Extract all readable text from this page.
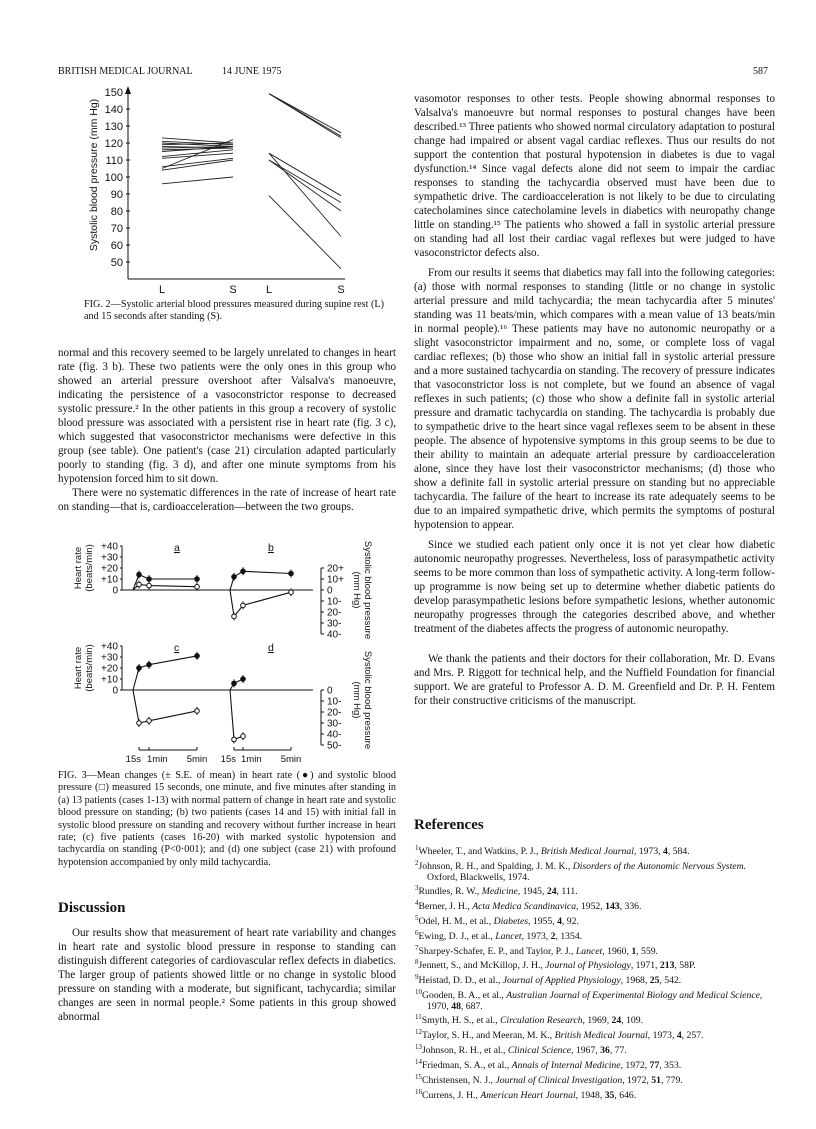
BRITISH MEDICAL JOURNAL	14 JUNE 1975	587
50
60
70
80
90
100
110
120
130
140
150
L	S	L	S
Systolic blood pressure (mm Hg)
FIG. 2—Systolic arterial blood pressures measured during supine rest (L) and 15 seconds after standing (S).

normal and this recovery seemed to be largely unrelated to changes in heart rate (fig. 3 b). These two patients were the only ones in this group who showed an arterial pressure overshoot after Valsalva's manoeuvre, indicating the persistence of a vasoconstrictor response to decreased systolic pressure.² In the other patients in this group a recovery of systolic blood pressure was associated with a persistent rise in heart rate (fig. 3 c), which suggested that vasoconstrictor mechanisms were defective in this group (see table). One patient's (case 21) circulation adapted particularly poorly to standing (fig. 3 d), and after one minute symptoms from his hypotension forced him to sit down.

There were no systematic differences in the rate of increase of heart rate on standing—that is, cardioacceleration—between the two groups.

+40
+30
+20
+10
0
20+
10+
0
10-
20-
30-
40-
a	b
+40
+30
+20
+10
0	0
10-
20-
30-
40-
50-
c	d
15s 1min 5min 15s 1min 5min
FIG. 3—Mean changes (± S.E. of mean) in heart rate (●) and systolic blood pressure (□) measured 15 seconds, one minute, and five minutes after standing in (a) 13 patients (cases 1-13) with normal pattern of change in heart rate and systolic blood pressure on standing; (b) two patients (cases 14 and 15) with initial fall in systolic blood pressure on standing and recovery without further increase in heart rate; (c) five patients (cases 16-20) with marked systolic hypotension and tachycardia on standing (P<0·001); and (d) one subject (case 21) with profound hypotension accompanied by only mild tachycardia.
Discussion

Our results show that measurement of heart rate variability and changes in heart rate and systolic blood pressure in response to standing can distinguish different categories of cardiovascular reflex defects in diabetics. The larger group of patients showed little or no change in systolic blood pressure on standing with a moderate, but significant, tachycardia; similar changes are seen in normal people.² Some patients in this group showed abnormal

vasomotor responses to other tests. People showing abnormal responses to Valsalva's manoeuvre but normal responses to postural changes have been described.¹³ Three patients who showed normal circulatory adaptation to postural change had impaired or absent vagal cardiac reflexes. Thus our results do not support the contention that postural hypotension in diabetes is due to vagal dysfunction.¹⁴ Since vagal defects alone did not seem to impair the cardiac responses to standing the tachycardia observed must have been due to sympathetic drive. The cardioacceleration is not likely to be due to circulating catecholamines since catecholamine levels in diabetics with neuropathy change little on standing.¹⁵ The patients who showed a fall in systolic arterial pressure on standing had all lost their cardiac vagal reflexes but were judged to have vasoconstrictor defects also.

From our results it seems that diabetics may fall into the following categories: (a) those with normal responses to standing (little or no change in systolic arterial pressure and mild tachycardia; the mean tachycardia after 5 minutes' standing was 11 beats/min, which compares with a mean value of 13 beats/min in normal people).¹⁶ These patients may have no autonomic neuropathy or a slight vasoconstrictor impairment and no, some, or complete loss of vagal cardiac reflexes; (b) those who show an initial fall in systolic arterial pressure and a more sustained tachycardia on standing. The recovery of pressure indicates that vasoconstrictor loss is not complete, but we found an absence of vagal reflexes in such patients; (c) those who show a definite fall in systolic arterial pressure and dramatic tachycardia on standing. The tachycardia is probably due to sympathetic drive to the heart since vagal reflexes seem to be absent in these people. The absence of hypotensive symptoms in this group seems to be due to their ability to maintain an adequate arterial pressure by cardioacceleration alone, since they have lost their vasoconstrictor mechanisms; (d) those who show a definite fall in systolic arterial pressure on standing but no appreciable tachycardia. The failure of the heart to increase its rate adequately seems to be due to an impaired sympathetic drive, which permits the symptoms of postural hypotension to appear.

Since we studied each patient only once it is not yet clear how diabetic autonomic neuropathy progresses. Nevertheless, loss of parasympathetic activity seems to be more common than loss of sympathetic activity. A long-term follow-up programme is now being set up to determine whether diabetic patients do develop parasympathetic lesions before sympathetic lesions, whether autonomic neuropathy progresses through the categories described above, and whether treatment of the diabetes affects the progress of autonomic neuropathy.

We thank the patients and their doctors for their collaboration, Mr. D. Evans and Mrs. P. Riggott for technical help, and the Nuffield Foundation for financial support. We are grateful to Professor A. D. M. Greenfield and Dr. P. H. Fentem for their constructive criticisms of the manuscript.

References
$^1$Wheeler, T., and Watkins, P. J., British Medical Journal, 1973, 4, 584.
$^2$Johnson, R. H., and Spalding, J. M. K., Disorders of the Autonomic Nervous System. Oxford, Blackwells, 1974.
$^3$Rundles, R. W., Medicine, 1945, 24, 111.
$^4$Berner, J. H., Acta Medica Scandinavica, 1952, 143, 336.
$^5$Odel, H. M., et al., Diabetes, 1955, 4, 92.
$^6$Ewing, D. J., et al., Lancet, 1973, 2, 1354.
$^7$Sharpey-Schafer, E. P., and Taylor, P. J., Lancet, 1960, 1, 559.
$^8$Jennett, S., and McKillop, J. H., Journal of Physiology, 1971, 213, 58P.
$^9$Heistad, D. D., et al., Journal of Applied Physiology, 1968, 25, 542.
$^{10}$Gooden, B. A., et al., Australian Journal of Experimental Biology and Medical Science, 1970, 48, 687.
$^{11}$Smyth, H. S., et al., Circulation Research, 1969, 24, 109.
$^{12}$Taylor, S. H., and Meeran, M. K., British Medical Journal, 1973, 4, 257.
$^{13}$Johnson, R. H., et al., Clinical Science, 1967, 36, 77.
$^{14}$Friedman, S. A., et al., Annals of Internal Medicine, 1972, 77, 353.
$^{15}$Christensen, N. J., Journal of Clinical Investigation, 1972, 51, 779.
$^{16}$Currens, J. H., American Heart Journal, 1948, 35, 646.
Heart rate (beats/min)	Systolic blood pressure (mm Hg)
Heart rate (beats/min)	Systolic blood pressure (mm Hg)
